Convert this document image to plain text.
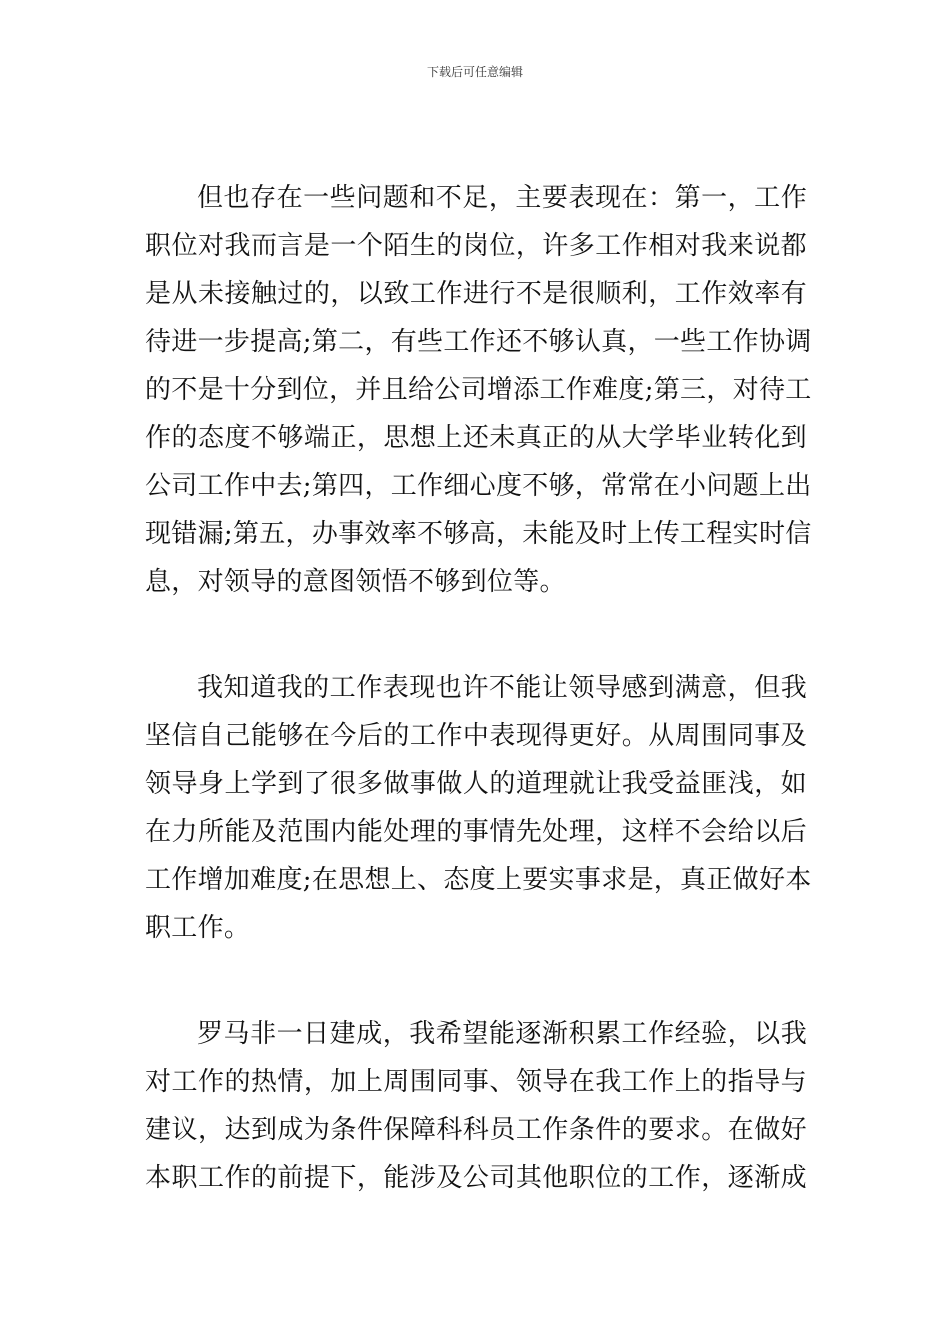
下载后可任意编辑
但也存在一些问题和不足，主要表现在：第一，工作
职位对我而言是一个陌生的岗位，许多工作相对我来说都
是从未接触过的，以致工作进行不是很顺利，工作效率有
待进一步提高;第二，有些工作还不够认真，一些工作协调
的不是十分到位，并且给公司增添工作难度;第三，对待工
作的态度不够端正，思想上还未真正的从大学毕业转化到
公司工作中去;第四，工作细心度不够，常常在小问题上出
现错漏;第五，办事效率不够高，未能及时上传工程实时信
息，对领导的意图领悟不够到位等。
我知道我的工作表现也许不能让领导感到满意，但我
坚信自己能够在今后的工作中表现得更好。从周围同事及
领导身上学到了很多做事做人的道理就让我受益匪浅，如
在力所能及范围内能处理的事情先处理，这样不会给以后
工作增加难度;在思想上、态度上要实事求是，真正做好本
职工作。
罗马非一日建成，我希望能逐渐积累工作经验，以我
对工作的热情，加上周围同事、领导在我工作上的指导与
建议，达到成为条件保障科科员工作条件的要求。在做好
本职工作的前提下，能涉及公司其他职位的工作，逐渐成
